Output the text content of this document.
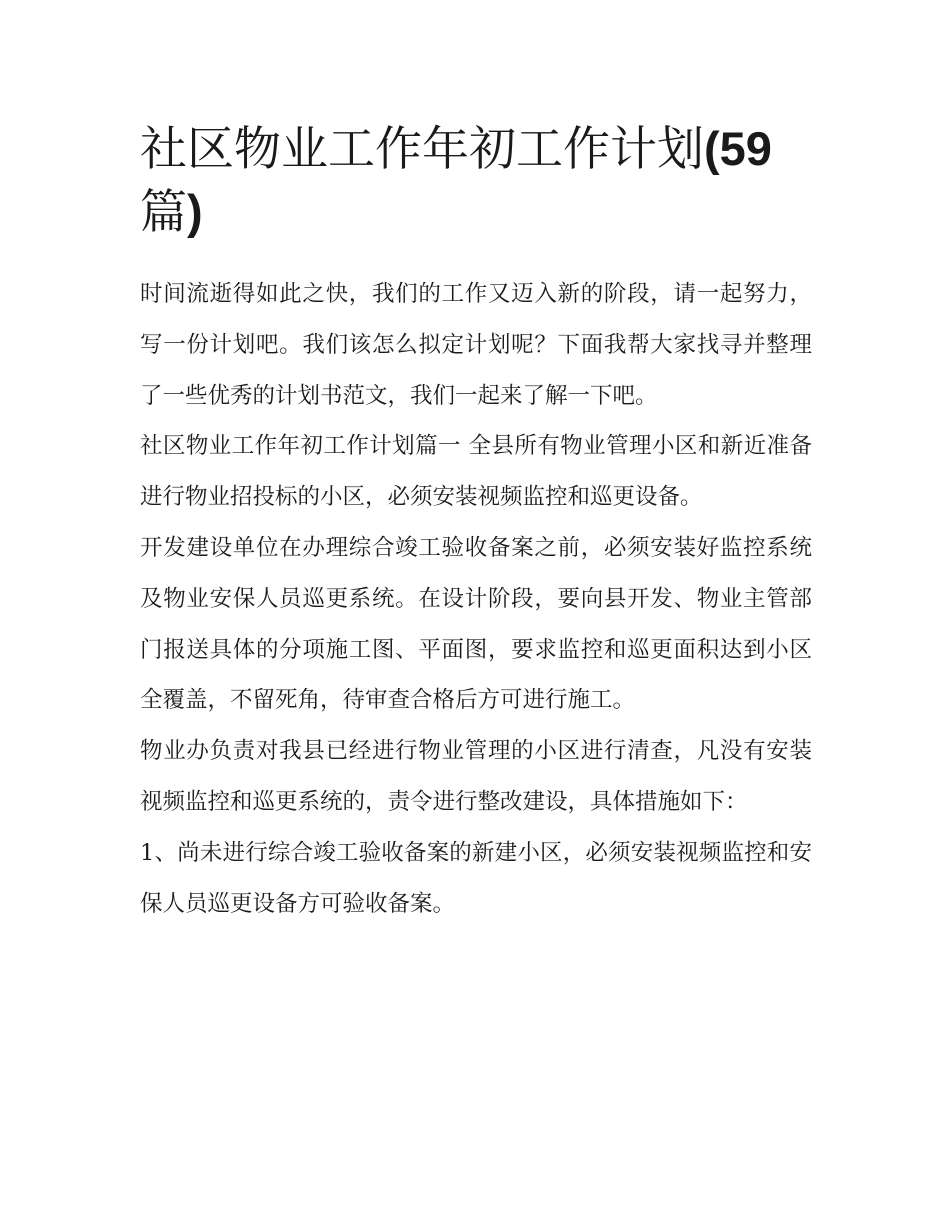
社区物业工作年初工作计划(59
篇)

时间流逝得如此之快，我们的工作又迈入新的阶段，请一起努力，写一份计划吧。我们该怎么拟定计划呢？下面我帮大家找寻并整理了一些优秀的计划书范文，我们一起来了解一下吧。

社区物业工作年初工作计划篇一 全县所有物业管理小区和新近准备进行物业招投标的小区，必须安装视频监控和巡更设备。

开发建设单位在办理综合竣工验收备案之前，必须安装好监控系统及物业安保人员巡更系统。在设计阶段，要向县开发、物业主管部门报送具体的分项施工图、平面图，要求监控和巡更面积达到小区全覆盖，不留死角，待审查合格后方可进行施工。

物业办负责对我县已经进行物业管理的小区进行清查，凡没有安装视频监控和巡更系统的，责令进行整改建设，具体措施如下：

1、尚未进行综合竣工验收备案的新建小区，必须安装视频监控和安保人员巡更设备方可验收备案。
